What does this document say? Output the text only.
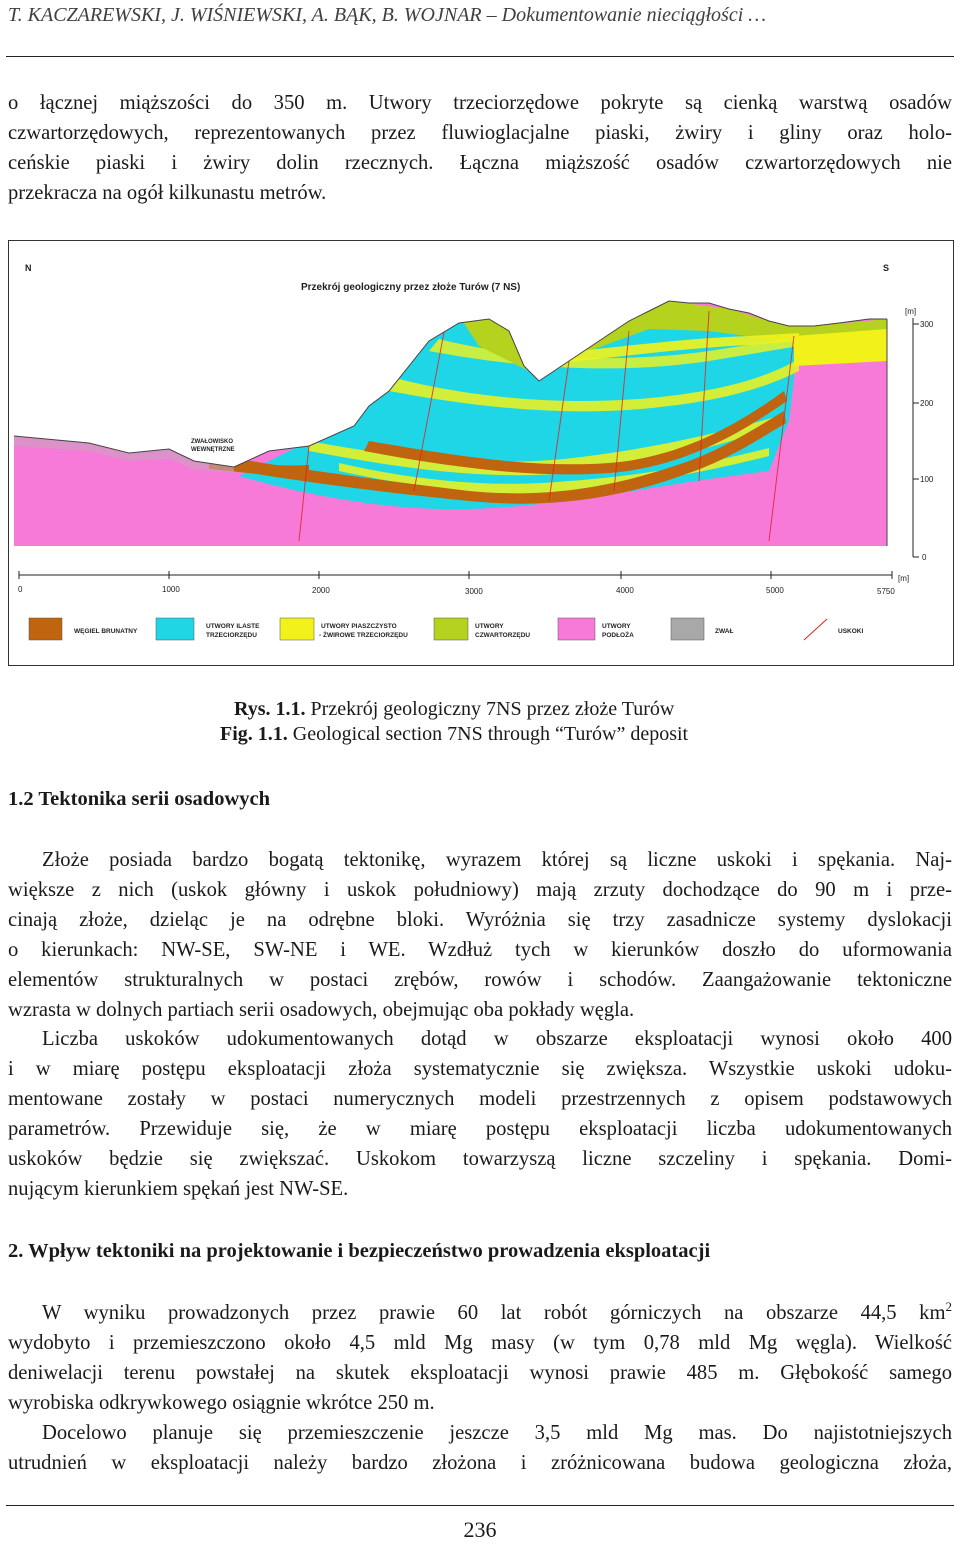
T. KACZAREWSKI, J. WIŚNIEWSKI, A. BĄK, B. WOJNAR – Dokumentowanie nieciągłości …
o łącznej miąższości do 350 m. Utwory trzeciorzędowe pokryte są cienką warstwą osadów
czwartorzędowych, reprezentowanych przez fluwioglacjalne piaski, żwiry i gliny oraz holo-
ceńskie piaski i żwiry dolin rzecznych. Łączna miąższość osadów czwartorzędowych nie
przekracza na ogół kilkunastu metrów.
N	S
Przekrój geologiczny przez złoże Turów (7 NS)
ZWAŁOWISKO
WEWNĘTRZNE
[m]
300
200
100
0
0	1000	2000	3000	4000	5000	5750
[m]
WĘGIEL BRUNATNY
UTWORY ILASTE
TRZECIORZĘDU
UTWORY PIASZCZYSTO
- ŻWIROWE TRZECIORZĘDU
UTWORY
CZWARTORZĘDU
UTWORY
PODŁOŻA
ZWAŁ	USKOKI
Rys. 1.1. Przekrój geologiczny 7NS przez złoże Turów
Fig. 1.1. Geological section 7NS through “Turów” deposit
1.2 Tektonika serii osadowych
Złoże posiada bardzo bogatą tektonikę, wyrazem której są liczne uskoki i spękania. Naj-
większe z nich (uskok główny i uskok południowy) mają zrzuty dochodzące do 90 m i prze-
cinają złoże, dzieląc je na odrębne bloki. Wyróżnia się trzy zasadnicze systemy dyslokacji
o kierunkach: NW-SE, SW-NE i WE. Wzdłuż tych w kierunków doszło do uformowania
elementów strukturalnych w postaci zrębów, rowów i schodów. Zaangażowanie tektoniczne
wzrasta w dolnych partiach serii osadowych, obejmując oba pokłady węgla.
Liczba uskoków udokumentowanych dotąd w obszarze eksploatacji wynosi około 400
i w miarę postępu eksploatacji złoża systematycznie się zwiększa. Wszystkie uskoki udoku-
mentowane zostały w postaci numerycznych modeli przestrzennych z opisem podstawowych
parametrów. Przewiduje się, że w miarę postępu eksploatacji liczba udokumentowanych
uskoków będzie się zwiększać. Uskokom towarzyszą liczne szczeliny i spękania. Domi-
nującym kierunkiem spękań jest NW-SE.
2. Wpływ tektoniki na projektowanie i bezpieczeństwo prowadzenia eksploatacji
W wyniku prowadzonych przez prawie 60 lat robót górniczych na obszarze 44,5 $km^2$
wydobyto i przemieszczono około 4,5 mld Mg masy (w tym 0,78 mld Mg węgla). Wielkość
deniwelacji terenu powstałej na skutek eksploatacji wynosi prawie 485 m. Głębokość samego
wyrobiska odkrywkowego osiągnie wkrótce 250 m.
Docelowo planuje się przemieszczenie jeszcze 3,5 mld Mg mas. Do najistotniejszych
utrudnień w eksploatacji należy bardzo złożona i zróżnicowana budowa geologiczna złoża,
236
